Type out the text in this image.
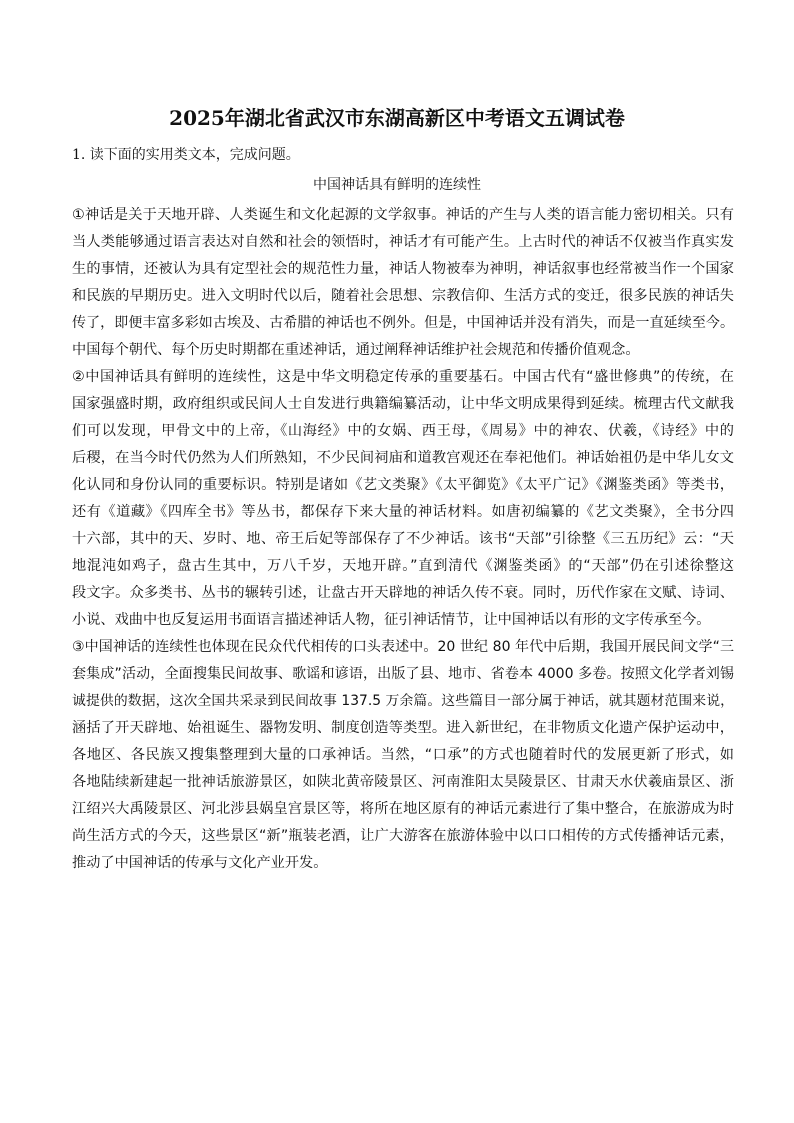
2025年湖北省武汉市东湖高新区中考语文五调试卷

1. 读下面的实用类文本，完成问题。

中国神话具有鲜明的连续性

①神话是关于天地开辟、人类诞生和文化起源的文学叙事。神话的产生与人类的语言能力密切相关。只有
当人类能够通过语言表达对自然和社会的领悟时，神话才有可能产生。上古时代的神话不仅被当作真实发
生的事情，还被认为具有定型社会的规范性力量，神话人物被奉为神明，神话叙事也经常被当作一个国家
和民族的早期历史。进入文明时代以后，随着社会思想、宗教信仰、生活方式的变迁，很多民族的神话失
传了，即便丰富多彩如古埃及、古希腊的神话也不例外。但是，中国神话并没有消失，而是一直延续至今。
中国每个朝代、每个历史时期都在重述神话，通过阐释神话维护社会规范和传播价值观念。
②中国神话具有鲜明的连续性，这是中华文明稳定传承的重要基石。中国古代有“盛世修典”的传统，在
国家强盛时期，政府组织或民间人士自发进行典籍编纂活动，让中华文明成果得到延续。梳理古代文献我
们可以发现，甲骨文中的上帝，《山海经》中的女娲、西王母，《周易》中的神农、伏羲，《诗经》中的
后稷，在当今时代仍然为人们所熟知，不少民间祠庙和道教宫观还在奉祀他们。神话始祖仍是中华儿女文
化认同和身份认同的重要标识。特别是诸如《艺文类聚》《太平御览》《太平广记》《渊鉴类函》等类书，
还有《道藏》《四库全书》等丛书，都保存下来大量的神话材料。如唐初编纂的《艺文类聚》，全书分四
十六部，其中的天、岁时、地、帝王后妃等部保存了不少神话。该书“天部”引徐整《三五历纪》云：“天
地混沌如鸡子，盘古生其中，万八千岁，天地开辟。”直到清代《渊鉴类函》的“天部”仍在引述徐整这
段文字。众多类书、丛书的辗转引述，让盘古开天辟地的神话久传不衰。同时，历代作家在文赋、诗词、
小说、戏曲中也反复运用书面语言描述神话人物，征引神话情节，让中国神话以有形的文字传承至今。
③中国神话的连续性也体现在民众代代相传的口头表述中。20 世纪 80 年代中后期，我国开展民间文学“三
套集成”活动，全面搜集民间故事、歌谣和谚语，出版了县、地市、省卷本 4000 多卷。按照文化学者刘锡
诚提供的数据，这次全国共采录到民间故事 137.5 万余篇。这些篇目一部分属于神话，就其题材范围来说，
涵括了开天辟地、始祖诞生、器物发明、制度创造等类型。进入新世纪，在非物质文化遗产保护运动中，
各地区、各民族又搜集整理到大量的口承神话。当然，“口承”的方式也随着时代的发展更新了形式，如
各地陆续新建起一批神话旅游景区，如陕北黄帝陵景区、河南淮阳太昊陵景区、甘肃天水伏羲庙景区、浙
江绍兴大禹陵景区、河北涉县娲皇宫景区等，将所在地区原有的神话元素进行了集中整合，在旅游成为时
尚生活方式的今天，这些景区“新”瓶装老酒，让广大游客在旅游体验中以口口相传的方式传播神话元素，
推动了中国神话的传承与文化产业开发。
